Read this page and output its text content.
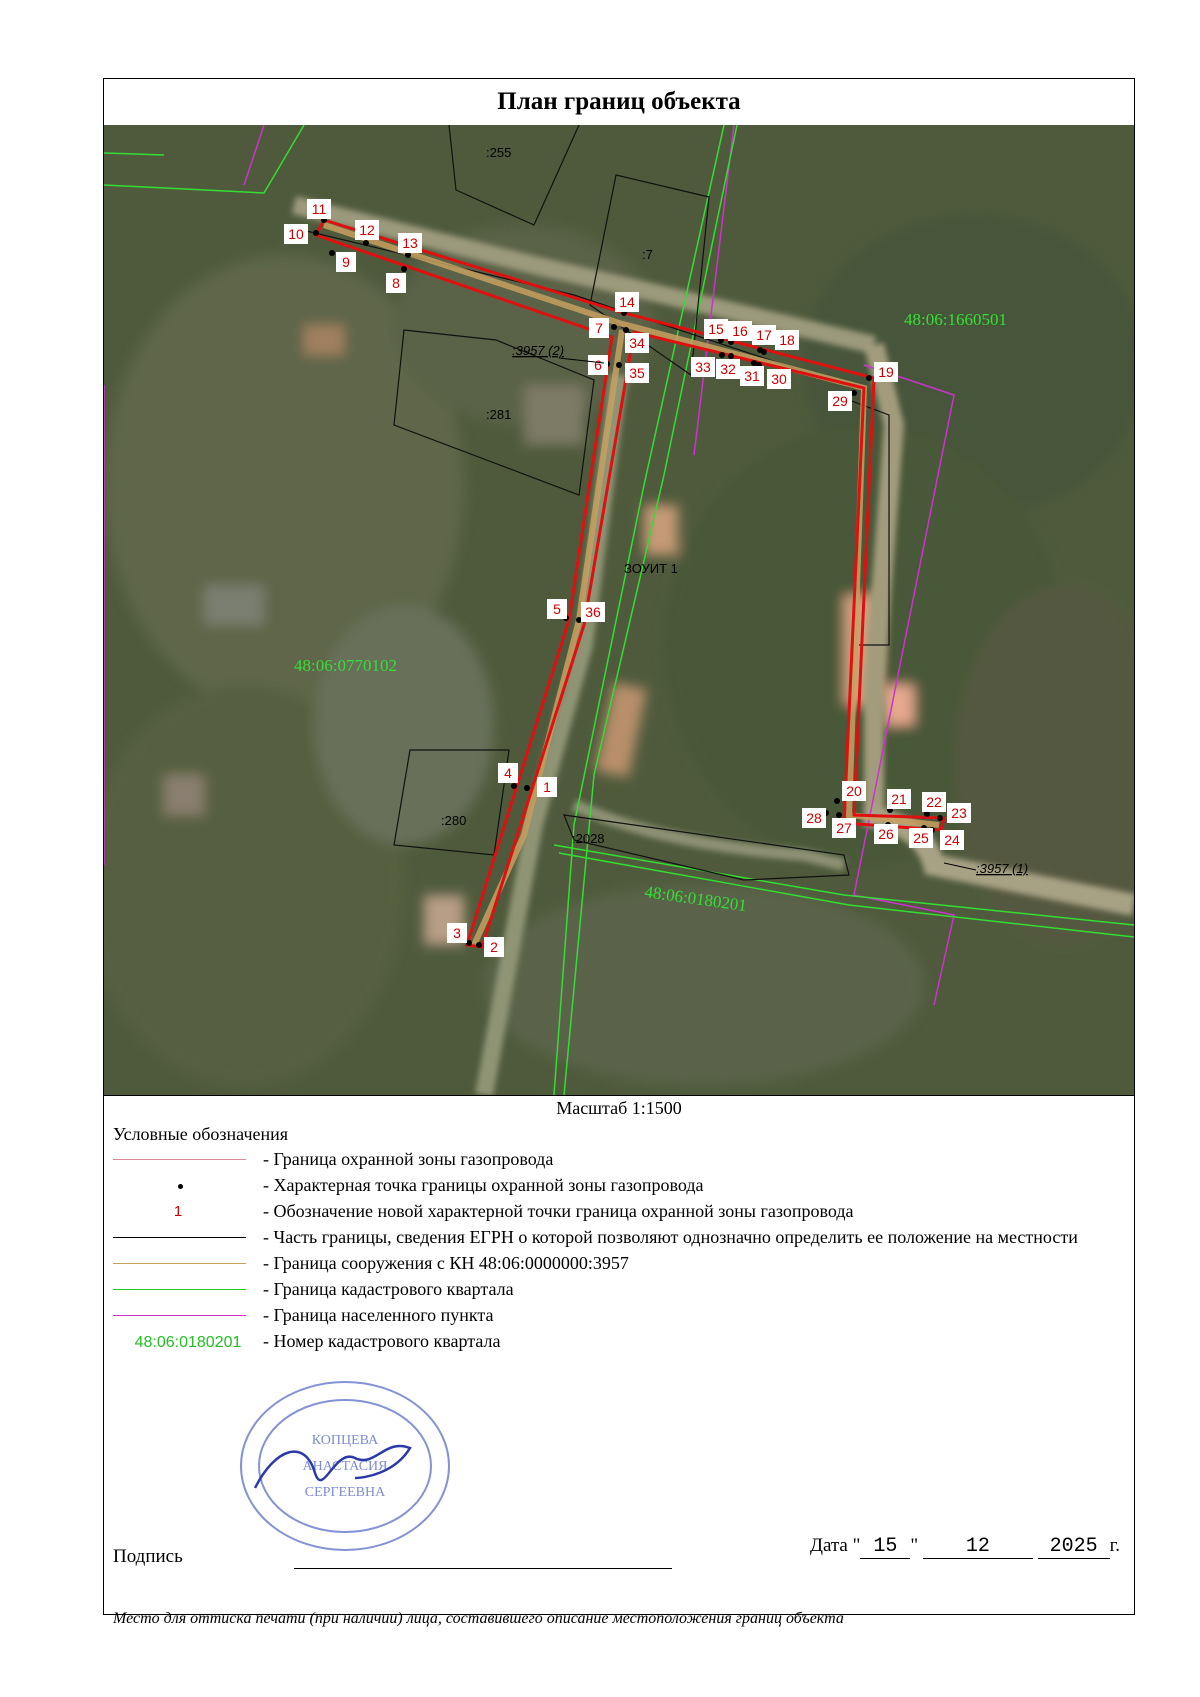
План границ объекта
1
2
3
4
5
6
7
8
9
10
11
12
13
14
15 16 17 18
19
20 21 22
23
24
25
26
27
28
29
30
31
32
33
34
35
36
48:06:1660501
48:06:0770102
48:06:0180201
:255
:7
:281
:280
:2028
ЗОУИТ 1
:3957 (2)
:3957 (1)
Масштаб 1:1500
Условные обозначения
- Граница охранной зоны газопровода
- Характерная точка границы охранной зоны газопровода
1	- Обозначение новой характерной точки граница охранной зоны газопровода
- Часть границы, сведения ЕГРН о которой позволяют однозначно определить ее положение на местности
- Граница сооружения с КН 48:06:0000000:3957
- Граница кадастрового квартала
- Граница населенного пункта
48:06:0180201	- Номер кадастрового квартала
Подпись
Дата " 15 " 12	2025 г.
Место для оттиска печати (при наличии) лица, составившего описание местоположения границ объекта
КОПЦЕВА
АНАСТАСИЯ
СЕРГЕЕВНА
